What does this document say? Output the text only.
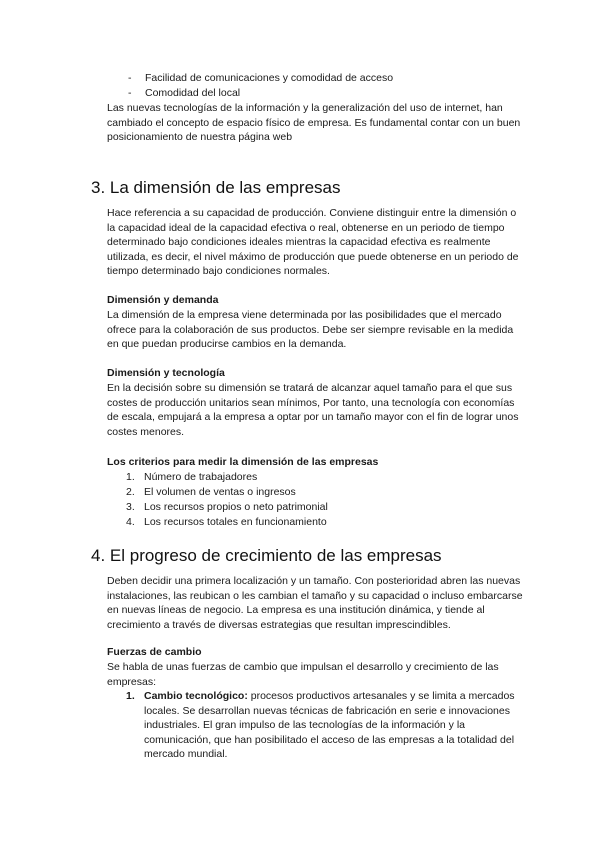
- Facilidad de comunicaciones y comodidad de acceso
- Comodidad del local

Las nuevas tecnologías de la información y la generalización del uso de internet, han cambiado el concepto de espacio físico de empresa. Es fundamental contar con un buen posicionamiento de nuestra página web

3. La dimensión de las empresas

Hace referencia a su capacidad de producción. Conviene distinguir entre la dimensión o la capacidad ideal de la capacidad efectiva o real, obtenerse en un periodo de tiempo determinado bajo condiciones ideales mientras la capacidad efectiva es realmente utilizada, es decir, el nivel máximo de producción que puede obtenerse en un periodo de tiempo determinado bajo condiciones normales.

Dimensión y demanda

La dimensión de la empresa viene determinada por las posibilidades que el mercado ofrece para la colaboración de sus productos. Debe ser siempre revisable en la medida en que puedan producirse cambios en la demanda.

Dimensión y tecnología

En la decisión sobre su dimensión se tratará de alcanzar aquel tamaño para el que sus costes de producción unitarios sean mínimos, Por tanto, una tecnología con economías de escala, empujará a la empresa a optar por un tamaño mayor con el fin de lograr unos costes menores.

Los criterios para medir la dimensión de las empresas
1. Número de trabajadores
2. El volumen de ventas o ingresos
3. Los recursos propios o neto patrimonial
4. Los recursos totales en funcionamiento
4. El progreso de crecimiento de las empresas

Deben decidir una primera localización y un tamaño. Con posterioridad abren las nuevas instalaciones, las reubican o les cambian el tamaño y su capacidad o incluso embarcarse en nuevas líneas de negocio. La empresa es una institución dinámica, y tiende al crecimiento a través de diversas estrategias que resultan imprescindibles.

Fuerzas de cambio

Se habla de unas fuerzas de cambio que impulsan el desarrollo y crecimiento de las empresas:

1. Cambio tecnológico: procesos productivos artesanales y se limita a mercados locales. Se desarrollan nuevas técnicas de fabricación en serie e innovaciones industriales. El gran impulso de las tecnologías de la información y la comunicación, que han posibilitado el acceso de las empresas a la totalidad del mercado mundial.
